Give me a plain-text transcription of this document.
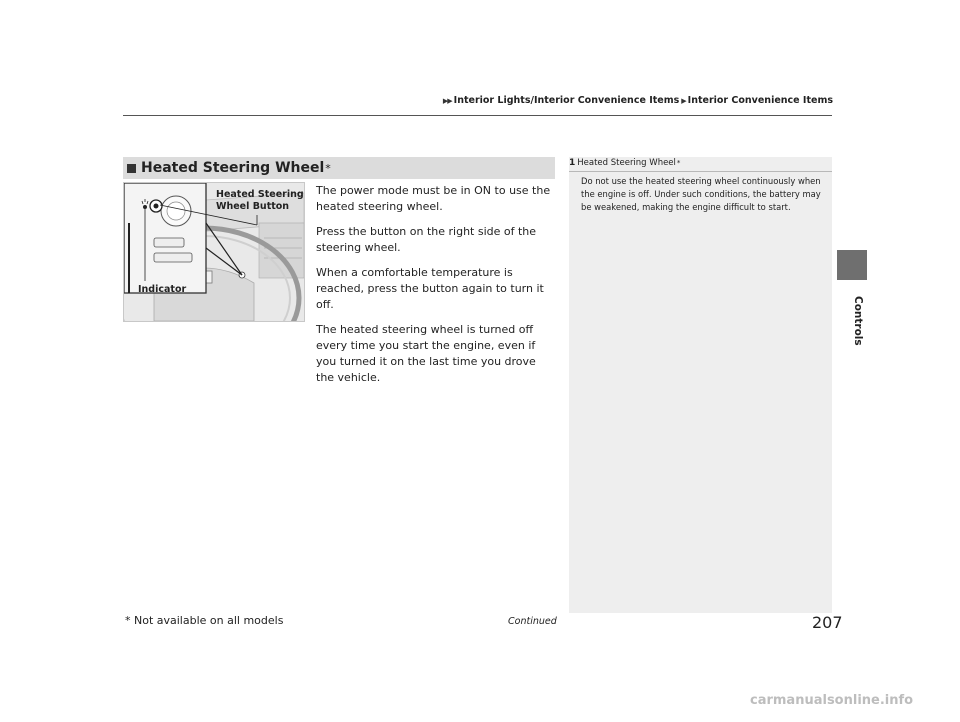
▶▶ Interior Lights/Interior Convenience Items ▶ Interior Convenience Items
Controls
Heated Steering Wheel *
Heated Steering
Wheel Button
Indicator

The power mode must be in ON to use the heated steering wheel.

Press the button on the right side of the steering wheel.

When a comfortable temperature is reached, press the button again to turn it off.

The heated steering wheel is turned off every time you start the engine, even if you turned it on the last time you drove the vehicle.

1 Heated Steering Wheel *
Do not use the heated steering wheel continuously when the engine is off. Under such conditions, the battery may be weakened, making the engine difficult to start.
Continued
* Not available on all models	207
carmanualsonline.info
